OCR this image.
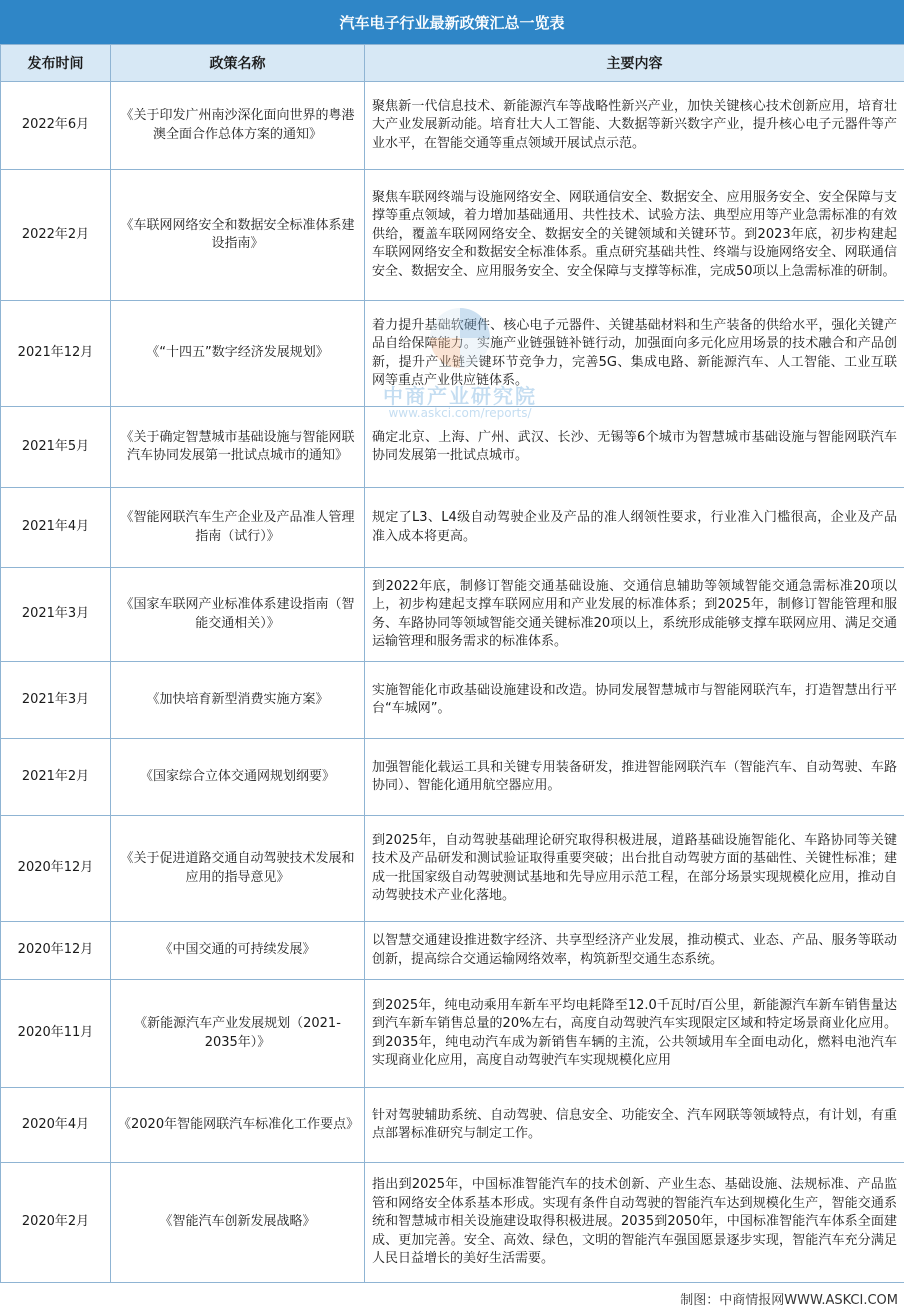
汽车电子行业最新政策汇总一览表
发布时间	政策名称	主要内容
2022年6月	《关于印发广州南沙深化面向世界的粤港澳全面合作总体方案的通知》	聚焦新一代信息技术、新能源汽车等战略性新兴产业，加快关键核心技术创新应用，培育壮大产业发展新动能。培育壮大人工智能、大数据等新兴数字产业，提升核心电子元器件等产业水平，在智能交通等重点领域开展试点示范。
2022年2月	《车联网网络安全和数据安全标准体系建设指南》	聚焦车联网终端与设施网络安全、网联通信安全、数据安全、应用服务安全、安全保障与支撑等重点领域，着力增加基础通用、共性技术、试验方法、典型应用等产业急需标准的有效供给，覆盖车联网网络安全、数据安全的关键领域和关键环节。到2023年底，初步构建起车联网网络安全和数据安全标准体系。重点研究基础共性、终端与设施网络安全、网联通信安全、数据安全、应用服务安全、安全保障与支撑等标准，完成50项以上急需标准的研制。
2021年12月	《“十四五”数字经济发展规划》	着力提升基础软硬件、核心电子元器件、关键基础材料和生产装备的供给水平，强化关键产品自给保障能力。实施产业链强链补链行动，加强面向多元化应用场景的技术融合和产品创新，提升产业链关键环节竞争力，完善5G、集成电路、新能源汽车、人工智能、工业互联网等重点产业供应链体系。
2021年5月	《关于确定智慧城市基础设施与智能网联汽车协同发展第一批试点城市的通知》	确定北京、上海、广州、武汉、长沙、无锡等6个城市为智慧城市基础设施与智能网联汽车协同发展第一批试点城市。
2021年4月	《智能网联汽车生产企业及产品准人管理指南（试行）》	规定了L3、L4级自动驾驶企业及产品的准人纲领性要求，行业准入门槛很高，企业及产品准入成本将更高。
2021年3月	《国家车联网产业标准体系建设指南（智能交通相关）》	到2022年底，制修订智能交通基础设施、交通信息辅助等领域智能交通急需标准20项以上，初步构建起支撑车联网应用和产业发展的标准体系；到2025年，制修订智能管理和服务、车路协同等领域智能交通关键标准20项以上，系统形成能够支撑车联网应用、满足交通运输管理和服务需求的标准体系。
2021年3月	《加快培育新型消费实施方案》	实施智能化市政基础设施建设和改造。协同发展智慧城市与智能网联汽车，打造智慧出行平台“车城网”。
2021年2月	《国家综合立体交通网规划纲要》	加强智能化载运工具和关键专用装备研发，推进智能网联汽车（智能汽车、自动驾驶、车路协同）、智能化通用航空器应用。
2020年12月	《关于促进道路交通自动驾驶技术发展和应用的指导意见》	到2025年，自动驾驶基础理论研究取得积极进展，道路基础设施智能化、车路协同等关键技术及产品研发和测试验证取得重要突破；出台批自动驾驶方面的基础性、关键性标准；建成一批国家级自动驾驶测试基地和先导应用示范工程，在部分场景实现规模化应用，推动自动驾驶技术产业化落地。
2020年12月	《中国交通的可持续发展》	以智慧交通建设推进数字经济、共享型经济产业发展，推动模式、业态、产品、服务等联动创新，提高综合交通运输网络效率，构筑新型交通生态系统。
2020年11月	《新能源汽车产业发展规划（2021-2035年）》	到2025年，纯电动乘用车新车平均电耗降至12.0千瓦时/百公里，新能源汽车新车销售量达到汽车新车销售总量的20%左右，高度自动驾驶汽车实现限定区域和特定场景商业化应用。到2035年，纯电动汽车成为新销售车辆的主流，公共领域用车全面电动化，燃料电池汽车实现商业化应用，高度自动驾驶汽车实现规模化应用
2020年4月	《2020年智能网联汽车标准化工作要点》	针对驾驶辅助系统、自动驾驶、信息安全、功能安全、汽车网联等领域特点，有计划，有重点部署标准研究与制定工作。
2020年2月	《智能汽车创新发展战略》	指出到2025年，中国标准智能汽车的技术创新、产业生态、基础设施、法规标准、产品监管和网络安全体系基本形成。实现有条件自动驾驶的智能汽车达到规模化生产，智能交通系统和智慧城市相关设施建设取得积极进展。2035到2050年，中国标准智能汽车体系全面建成、更加完善。安全、高效、绿色，文明的智能汽车强国愿景逐步实现，智能汽车充分满足人民日益增长的美好生活需要。
中商产业研究院
www.askci.com/reports/
制图：中商情报网WWW.ASKCI.COM
